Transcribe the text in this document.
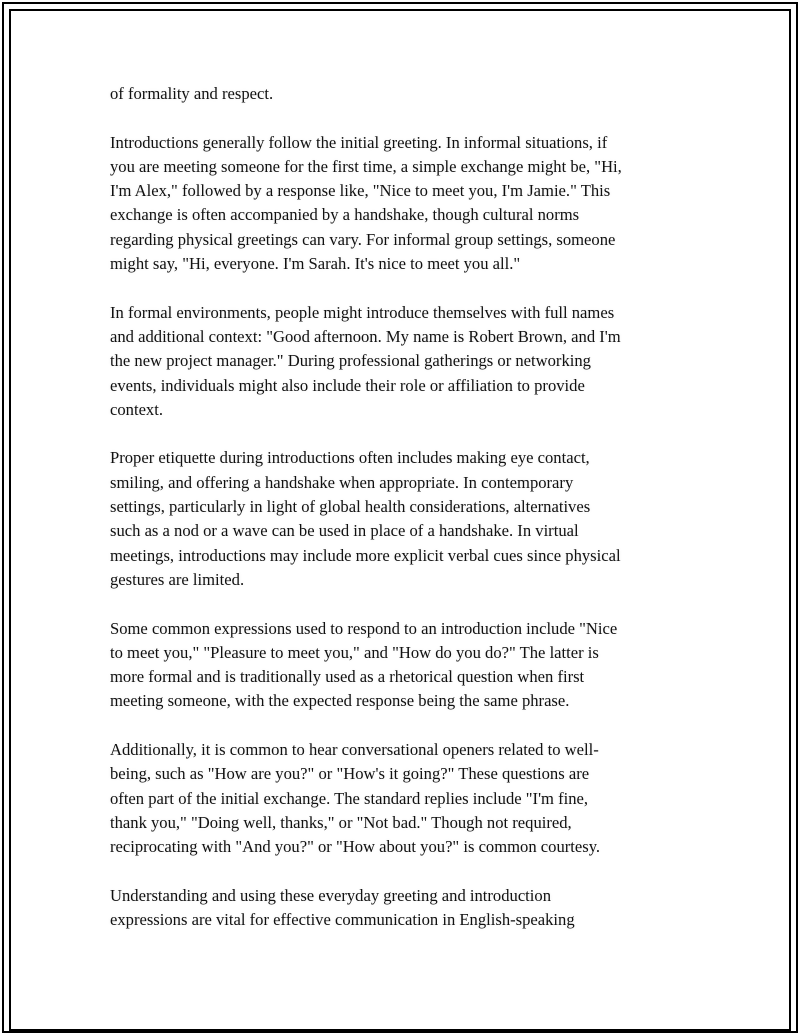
of formality and respect.

Introductions generally follow the initial greeting. In informal situations, if
you are meeting someone for the first time, a simple exchange might be, "Hi,
I'm Alex," followed by a response like, "Nice to meet you, I'm Jamie." This
exchange is often accompanied by a handshake, though cultural norms
regarding physical greetings can vary. For informal group settings, someone
might say, "Hi, everyone. I'm Sarah. It's nice to meet you all."

In formal environments, people might introduce themselves with full names
and additional context: "Good afternoon. My name is Robert Brown, and I'm
the new project manager." During professional gatherings or networking
events, individuals might also include their role or affiliation to provide
context.

Proper etiquette during introductions often includes making eye contact,
smiling, and offering a handshake when appropriate. In contemporary
settings, particularly in light of global health considerations, alternatives
such as a nod or a wave can be used in place of a handshake. In virtual
meetings, introductions may include more explicit verbal cues since physical
gestures are limited.

Some common expressions used to respond to an introduction include "Nice
to meet you," "Pleasure to meet you," and "How do you do?" The latter is
more formal and is traditionally used as a rhetorical question when first
meeting someone, with the expected response being the same phrase.

Additionally, it is common to hear conversational openers related to well-
being, such as "How are you?" or "How's it going?" These questions are
often part of the initial exchange. The standard replies include "I'm fine,
thank you," "Doing well, thanks," or "Not bad." Though not required,
reciprocating with "And you?" or "How about you?" is common courtesy.

Understanding and using these everyday greeting and introduction
expressions are vital for effective communication in English-speaking
